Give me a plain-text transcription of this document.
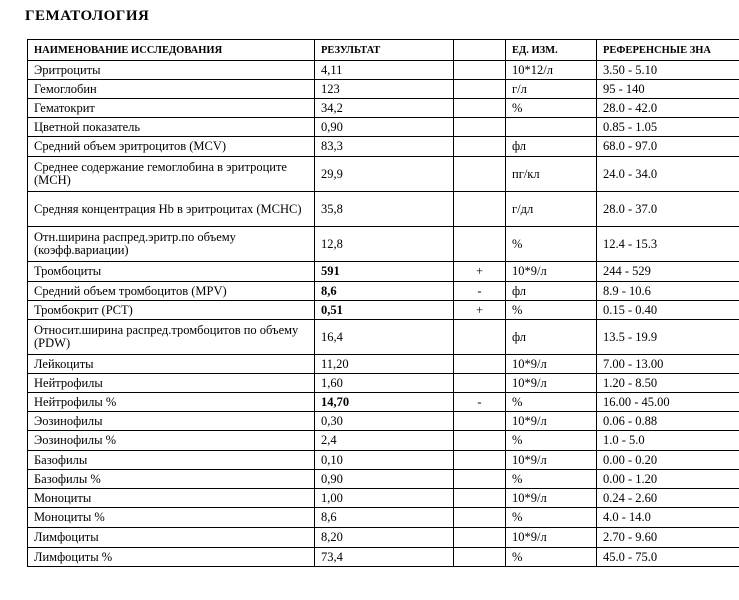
ГЕМАТОЛОГИЯ
НАИМЕНОВАНИЕ ИССЛЕДОВАНИЯ	РЕЗУЛЬТАТ		ЕД. ИЗМ.	РЕФЕРЕНСНЫЕ ЗНА
Эритроциты	4,11		10*12/л	3.50 - 5.10
Гемоглобин	123		г/л	95 - 140
Гематокрит	34,2		%	28.0 - 42.0
Цветной показатель	0,90			0.85 - 1.05
Средний объем эритроцитов (MCV)	83,3		фл	68.0 - 97.0
Среднее содержание гемоглобина в эритроците (MCH)	29,9		пг/кл	24.0 - 34.0
Средняя концентрация Hb в эритроцитах (MCHC)	35,8		г/дл	28.0 - 37.0
Отн.ширина распред.эритр.по объему (коэфф.вариации)	12,8		%	12.4 - 15.3
Тромбоциты	591	+	10*9/л	244 - 529
Средний объем тромбоцитов (MPV)	8,6	-	фл	8.9 - 10.6
Тромбокрит (PCT)	0,51	+	%	0.15 - 0.40
Относит.ширина распред.тромбоцитов по объему (PDW)	16,4		фл	13.5 - 19.9
Лейкоциты	11,20		10*9/л	7.00 - 13.00
Нейтрофилы	1,60		10*9/л	1.20 - 8.50
Нейтрофилы %	14,70	-	%	16.00 - 45.00
Эозинофилы	0,30		10*9/л	0.06 - 0.88
Эозинофилы %	2,4		%	1.0 - 5.0
Базофилы	0,10		10*9/л	0.00 - 0.20
Базофилы %	0,90		%	0.00 - 1.20
Моноциты	1,00		10*9/л	0.24 - 2.60
Моноциты %	8,6		%	4.0 - 14.0
Лимфоциты	8,20		10*9/л	2.70 - 9.60
Лимфоциты %	73,4		%	45.0 - 75.0
